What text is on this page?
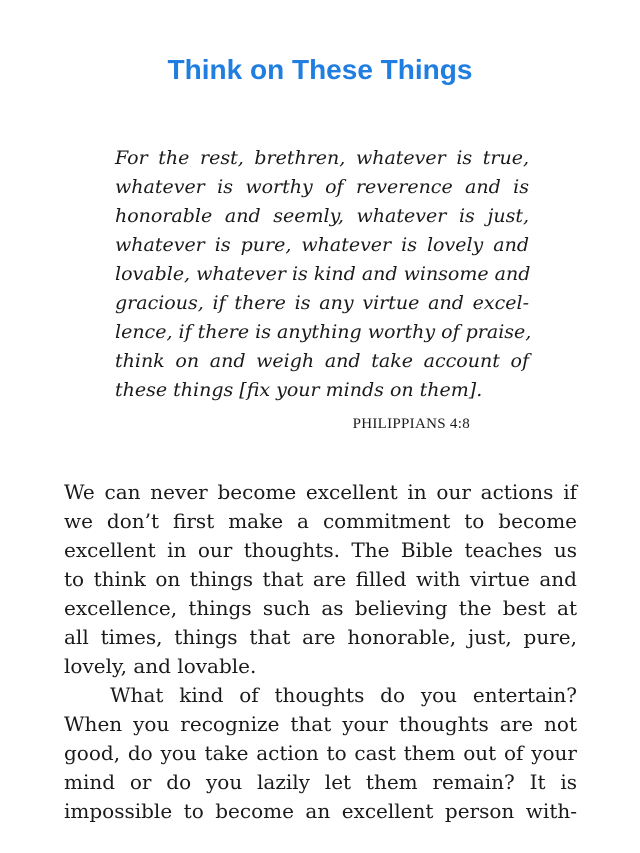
Think on These Things
For the rest, brethren, whatever is true,
whatever is worthy of reverence and is
honorable and seemly, whatever is just,
whatever is pure, whatever is lovely and
lovable, whatever is kind and winsome and
gracious, if there is any virtue and excel-
lence, if there is anything worthy of praise,
think on and weigh and take account of
these things [fix your minds on them].

PHILIPPIANS 4:8

We can never become excellent in our actions if
we don’t first make a commitment to become
excellent in our thoughts. The Bible teaches us
to think on things that are filled with virtue and
excellence, things such as believing the best at
all times, things that are honorable, just, pure,
lovely, and lovable.
What kind of thoughts do you entertain?
When you recognize that your thoughts are not
good, do you take action to cast them out of your
mind or do you lazily let them remain? It is
impossible to become an excellent person with-
